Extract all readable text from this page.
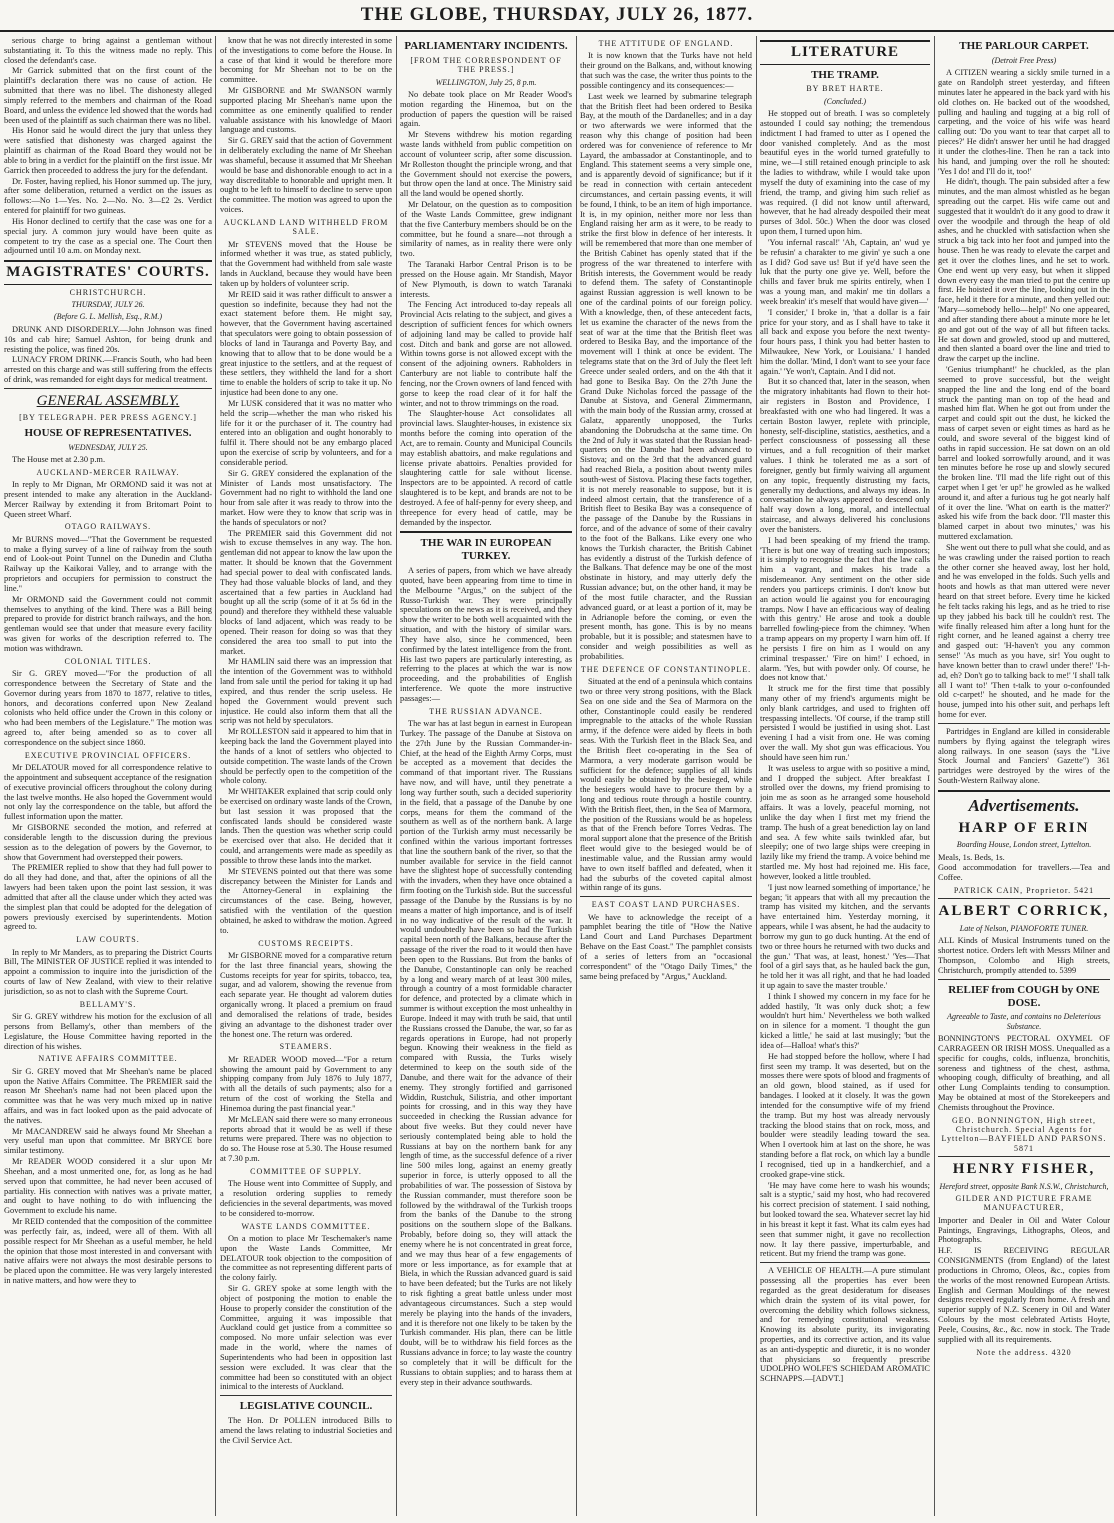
THE GLOBE, THURSDAY, JULY 26, 1877.

serious charge to bring against a gentleman without substantiating it. To this the witness made no reply. This closed the defendant's case.

Mr Garrick submitted that on the first count of the plaintiff's declaration there was no cause of action. He submitted that there was no libel. The dishonesty alleged simply referred to the members and chairman of the Road Board, and unless the evidence led showed that the words had been used of the plaintiff as such chairman there was no libel.

His Honor said he would direct the jury that unless they were satisfied that dishonesty was charged against the plaintiff as chairman of the Road Board they would not be able to bring in a verdict for the plaintiff on the first issue. Mr Garrick then proceeded to address the jury for the defendant.

Dr. Foster, having replied, his Honor summed up. The jury, after some deliberation, returned a verdict on the issues as follows:—No 1—Yes. No. 2—No. No. 3—£2 2s. Verdict entered for plaintiff for two guineas.

His Honor declined to certify that the case was one for a special jury. A common jury would have been quite as competent to try the case as a special one. The Court then adjourned until 10 a.m. on Monday next.

MAGISTRATES' COURTS.
CHRISTCHURCH.
THURSDAY, JULY 26.
(Before G. L. Mellish, Esq., R.M.)

DRUNK AND DISORDERLY.—John Johnson was fined 10s and cab hire; Samuel Ashton, for being drunk and resisting the police, was fined 20s.

LUNACY FROM DRINK.—Francis South, who had been arrested on this charge and was still suffering from the effects of drink, was remanded for eight days for medical treatment.

GENERAL ASSEMBLY.
[BY TELEGRAPH. PER PRESS AGENCY.]
HOUSE OF REPRESENTATIVES.
WEDNESDAY, JULY 25.

The House met at 2.30 p.m.

AUCKLAND-MERCER RAILWAY.

In reply to Mr Dignan, Mr ORMOND said it was not at present intended to make any alteration in the Auckland-Mercer Railway by extending it from Britomart Point to Queen street Wharf.

OTAGO RAILWAYS.

Mr BURNS moved—"That the Government be requested to make a flying survey of a line of railway from the south end of Look-out Point Tunnel on the Dunedin and Clutha Railway up the Kaikorai Valley, and to arrange with the proprietors and occupiers for permission to construct the line."

Mr ORMOND said the Government could not commit themselves to anything of the kind. There was a Bill being prepared to provide for district branch railways, and the hon. gentleman would see that under that measure every facility was given for works of the description referred to. The motion was withdrawn.

COLONIAL TITLES.

Sir G. GREY moved—"For the production of all correspondence between the Secretary of State and the Governor during years from 1870 to 1877, relative to titles, honors, and decorations conferred upon New Zealand colonists who held office under the Crown in this colony or who had been members of the Legislature." The motion was agreed to, after being amended so as to cover all correspondence on the subject since 1860.

EXECUTIVE PROVINCIAL OFFICERS.

Mr DELATOUR moved for all correspondence relative to the appointment and subsequent acceptance of the resignation of executive provincial officers throughout the colony during the last twelve months. He also hoped the Government would not only lay the correspondence on the table, but afford the fullest information upon the matter.

Mr GISBORNE seconded the motion, and referred at considerable length to the discussion during the previous session as to the delegation of powers by the Governor, to show that Government had overstepped their powers.

The PREMIER replied to show that they had full power to do all they had done, and that, after the opinions of all the lawyers had been taken upon the point last session, it was admitted that after all the clause under which they acted was the simplest plan that could be adopted for the delegation of powers previously exercised by superintendents. Motion agreed to.

LAW COURTS.

In reply to Mr Manders, as to preparing the District Courts Bill, The MINISTER OF JUSTICE replied it was intended to appoint a commission to inquire into the jurisdiction of the courts of law of New Zealand, with view to their relative jurisdiction, so as not to clash with the Supreme Court.

BELLAMY'S.

Sir G. GREY withdrew his motion for the exclusion of all persons from Bellamy's, other than members of the Legislature, the House Committee having reported in the direction of his wishes.

NATIVE AFFAIRS COMMITTEE.

Sir G. GREY moved that Mr Sheehan's name be placed upon the Native Affairs Committee. The PREMIER said the reason Mr Sheehan's name had not been placed upon the committee was that he was very much mixed up in native affairs, and was in fact looked upon as the paid advocate of the natives.

Mr MACANDREW said he always found Mr Sheehan a very useful man upon that committee. Mr BRYCE bore similar testimony.

Mr READER WOOD considered it a slur upon Mr Sheehan, and a most unmerited one, for, as long as he had served upon that committee, he had never been accused of partiality. His connection with natives was a private matter, and ought to have nothing to do with influencing the Government to exclude his name.

Mr REID contended that the composition of the committee was perfectly fair, as, indeed, were all of them. With all possible respect for Mr Sheehan as a useful member, he held the opinion that those most interested in and conversant with native affairs were not always the most desirable persons to be placed upon the committee. He was very largely interested in native matters, and how were they to

know that he was not directly interested in some of the investigations to come before the House. In a case of that kind it would be therefore more becoming for Mr Sheehan not to be on the committee.

Mr GISBORNE and Mr SWANSON warmly supported placing Mr Sheehan's name upon the committee as one eminently qualified to render valuable assistance with his knowledge of Maori language and customs.

Sir G. GREY said that the action of Government in deliberately excluding the name of Mr Sheehan was shameful, because it assumed that Mr Sheehan would be base and dishonorable enough to act in a way discreditable to honorable and upright men. It ought to be left to himself to decline to serve upon the committee. The motion was agreed to upon the voices.

AUCKLAND LAND WITHHELD FROM SALE.

Mr STEVENS moved that the House be informed whether it was true, as stated publicly, that the Government had withheld from sale waste lands in Auckland, because they would have been taken up by holders of volunteer scrip.

Mr REID said it was rather difficult to answer a question so indefinite, because they had not the exact statement before them. He might say, however, that the Government having ascertained that speculators were going to obtain possession of blocks of land in Tauranga and Poverty Bay, and knowing that to allow that to be done would be a great injustice to the settlers, and at the request of these settlers, they withheld the land for a short time to enable the holders of scrip to take it up. No injustice had been done to any one.

Mr LUSK considered that it was no matter who held the scrip—whether the man who risked his life for it or the purchaser of it. The country had entered into an obligation and ought honorably to fulfil it. There should not be any embargo placed upon the exercise of scrip by volunteers, and for a considerable period.

Sir G. GREY considered the explanation of the Minister of Lands most unsatisfactory. The Government had no right to withhold the land one hour from sale after it was ready to throw into the market. How were they to know that scrip was in the hands of speculators or not?

The PREMIER said this Government did not wish to excuse themselves in any way. The hon. gentleman did not appear to know the law upon the matter. It should be known that the Government had special power to deal with confiscated lands. They had those valuable blocks of land, and they ascertained that a few parties in Auckland had bought up all the scrip (some of it at 5s 6d in the pound) and therefore they withheld these valuable blocks of land adjacent, which was ready to be opened. Their reason for doing so was that they considered the area too small to put into the market.

Mr HAMLIN said there was an impression that the intention of the Government was to withhold land from sale until the period for taking it up had expired, and thus render the scrip useless. He hoped the Government would prevent such injustice. He could also inform them that all the scrip was not held by speculators.

Mr ROLLESTON said it appeared to him that in keeping back the land the Government played into the hands of a knot of settlers who objected to outside competition. The waste lands of the Crown should be perfectly open to the competition of the whole colony.

Mr WHITAKER explained that scrip could only be exercised on ordinary waste lands of the Crown, but last session it was proposed that the confiscated lands should be considered waste lands. Then the question was whether scrip could be exercised over that also. He decided that it could, and arrangements were made as speedily as possible to throw these lands into the market.

Mr STEVENS pointed out that there was some discrepancy between the Minister for Lands and the Attorney-General in explaining the circumstances of the case. Being, however, satisfied with the ventilation of the question obtained, he asked to withdraw the motion. Agreed to.

CUSTOMS RECEIPTS.

Mr GISBORNE moved for a comparative return for the last three financial years, showing the Customs receipts for year for spirits, tobacco, tea, sugar, and ad valorem, showing the revenue from each separate year. He thought ad valorem duties organically wrong. It placed a premium on fraud and demoralised the relations of trade, besides giving an advantage to the dishonest trader over the honest one. The return was ordered.

STEAMERS.

Mr READER WOOD moved—"For a return showing the amount paid by Government to any shipping company from July 1876 to July 1877, with all the details of such payments; also for a return of the cost of working the Stella and Hinemoa during the past financial year."

Mr McLEAN said there were so many erroneous reports abroad that it would be as well if these returns were prepared. There was no objection to do so. The House rose at 5.30. The House resumed at 7.30 p.m.

COMMITTEE OF SUPPLY.

The House went into Committee of Supply, and a resolution ordering supplies to remedy deficiencies in the several departments, was moved to be considered to-morrow.

WASTE LANDS COMMITTEE.

On a motion to place Mr Teschemaker's name upon the Waste Lands Committee, Mr DELATOUR took objection to the composition of the committee as not representing different parts of the colony fairly.

Sir G. GREY spoke at some length with the object of postponing the motion to enable the House to properly consider the constitution of the Committee, arguing it was impossible that Auckland could get justice from a committee so composed. No more unfair selection was ever made in the world, where the names of Superintendents who had been in opposition last session were excluded. It was clear that the committee had been so constituted with an object inimical to the interests of Auckland.

LEGISLATIVE COUNCIL.

The Hon. Dr POLLEN introduced Bills to amend the laws relating to industrial Societies and the Civil Service Act.

PARLIAMENTARY INCIDENTS.
[FROM THE CORRESPONDENT OF THE PRESS.]
WELLINGTON, July 25, 8 p.m.

No debate took place on Mr Reader Wood's motion regarding the Hinemoa, but on the production of papers the question will be raised again.

Mr Stevens withdrew his motion regarding waste lands withheld from public competition on account of volunteer scrip, after some discussion. Mr Rolleston thought the principle wrong, and that the Government should not exercise the powers, but throw open the land at once. The Ministry said all the land would be opened shortly.

Mr Delatour, on the question as to composition of the Waste Lands Committee, grew indignant that the five Canterbury members should be on the committee, but he found a snare—not through a similarity of names, as in reality there were only two.

The Taranaki Harbor Central Prison is to be pressed on the House again. Mr Standish, Mayor of New Plymouth, is down to watch Taranaki interests.

The Fencing Act introduced to-day repeals all Provincial Acts relating to the subject, and gives a description of sufficient fences for which owners of adjoining land may be called to provide half cost. Ditch and bank and gorse are not allowed. Within towns gorse is not allowed except with the consent of the adjoining owners. Rabholders in Canterbury are not liable to contribute half the fencing, nor the Crown owners of land fenced with gorse to keep the road clear of it for half the winter, and not to throw trimmings on the road.

The Slaughter-house Act consolidates all provincial laws. Slaughter-houses, in existence six months before the coming into operation of the Act, are to remain. County and Municipal Councils may establish abattoirs, and make regulations and license private abattoirs. Penalties provided for slaughtering cattle for sale without license. Inspectors are to be appointed. A record of cattle slaughtered is to be kept, and brands are not to be destroyed. A fee of half-penny for every sheep, and threepence for every head of cattle, may be demanded by the inspector.

THE WAR IN EUROPEAN TURKEY.

A series of papers, from which we have already quoted, have been appearing from time to time in the Melbourne "Argus," on the subject of the Russo-Turkish war. They were principally speculations on the news as it is received, and they show the writer to be both well acquainted with the situation, and with the history of similar wars. They have also, since he commenced, been confirmed by the latest intelligence from the front. His last two papers are particularly interesting, as referring to the places at which the war is now proceeding, and the probabilities of English interference. We quote the more instructive passages:—

THE RUSSIAN ADVANCE.

The war has at last begun in earnest in European Turkey. The passage of the Danube at Sistova on the 27th June by the Russian Commander-in-Chief, at the head of the Eighth Army Corps, must be accepted as a movement that decides the command of that important river. The Russians have now, and will have, until they penetrate a long way further south, such a decided superiority in the field, that a passage of the Danube by one corps, means for them the command of the southern as well as of the northern bank. A large portion of the Turkish army must necessarily be confined within the various important fortresses that line the southern bank of the river, so that the number available for service in the field cannot have the slightest hope of successfully contending with the invaders, when they have once obtained a firm footing on the Turkish side. But the successful passage of the Danube by the Russians is by no means a matter of high importance, and is of itself in no way indicative of the result of the war. It would undoubtedly have been so had the Turkish capital been north of the Balkans, because after the passage of the river the road to it would then have been open to the Russians. But from the banks of the Danube, Constantinople can only be reached by a long and weary march of at least 300 miles, through a country of a most formidable character for defence, and protected by a climate which in summer is without exception the most unhealthy in Europe. Indeed it may with truth be said, that until the Russians crossed the Danube, the war, so far as regards operations in Europe, had not properly begun. Knowing their weakness in the field as compared with Russia, the Turks wisely determined to keep on the south side of the Danube, and there wait for the advance of their enemy. They strongly fortified and garrisoned Widdin, Rustchuk, Silistria, and other important points for crossing, and in this way they have succeeded in checking the Russian advance for about five weeks. But they could never have seriously contemplated being able to hold the Russians at bay on the northern bank for any length of time, as the successful defence of a river line 500 miles long, against an enemy greatly superior in force, is utterly opposed to all the probabilities of war. The possession of Sistova by the Russian commander, must therefore soon be followed by the withdrawal of the Turkish troops from the banks of the Danube to the strong positions on the southern slope of the Balkans. Probably, before doing so, they will attack the enemy where he is not concentrated in great force, and we may thus hear of a few engagements of more or less importance, as for example that at Biela, in which the Russian advanced guard is said to have been defeated; but the Turks are not likely to risk fighting a great battle unless under most advantageous circumstances. Such a step would merely be playing into the hands of the invaders, and it is therefore not one likely to be taken by the Turkish commander. His plan, there can be little doubt, will be to withdraw his field forces as the Russians advance in force; to lay waste the country so completely that it will be difficult for the Russians to obtain supplies; and to harass them at every step in their advance southwards.

THE ATTITUDE OF ENGLAND.

It is now known that the Turks have not held their ground on the Balkans, and, without knowing that such was the case, the writer thus points to the possible contingency and its consequences:—

Last week we learned by submarine telegraph that the British fleet had been ordered to Besika Bay, at the mouth of the Dardanelles; and in a day or two afterwards we were informed that the reason why this change of position had been ordered was for convenience of reference to Mr Layard, the ambassador at Constantinople, and to England. This statement seems a very simple one, and is apparently devoid of significance; but if it be read in connection with certain antecedent circumstances, and certain passing events, it will be found, I think, to be an item of high importance. It is, in my opinion, neither more nor less than England raising her arm as it were, to be ready to strike the first blow in defence of her interests. It will be remembered that more than one member of the British Cabinet has openly stated that if the progress of the war threatened to interfere with British interests, the Government would be ready to defend them. The safety of Constantinople against Russian aggression is well known to be one of the cardinal points of our foreign policy. With a knowledge, then, of these antecedent facts, let us examine the character of the news from the seat of war at the time that the British fleet was ordered to Besika Bay, and the importance of the movement will I think at once be evident. The telegrams state that on the 3rd of July the fleet left Greece under sealed orders, and on the 4th that it had gone to Besika Bay. On the 27th June the Grand Duke Nicholas forced the passage of the Danube at Sistova, and General Zimmermann, with the main body of the Russian army, crossed at Galatz, apparently unopposed, the Turks abandoning the Dobrudscha at the same time. On the 2nd of July it was stated that the Russian head-quarters on the Danube had been advanced to Sistova; and on the 3rd that the advanced guard had reached Biela, a position about twenty miles south-west of Sistova. Placing these facts together, it is not merely reasonable to suppose, but it is indeed almost certain, that the transference of a British fleet to Besika Bay was a consequence of the passage of the Danube by the Russians in force, and of the advance of some of their cavalry to the foot of the Balkans. Like every one who knows the Turkish character, the British Cabinet has evidently a distrust of the Turkish defence of the Balkans. That defence may be one of the most obstinate in history, and may utterly defy the Russian advance; but, on the other hand, it may be of the most futile character, and the Russian advanced guard, or at least a portion of it, may be in Adrianople before the coming, or even the present month, has gone. This is by no means probable, but it is possible; and statesmen have to consider and weigh possibilities as well as probabilities.

THE DEFENCE OF CONSTANTINOPLE.

Situated at the end of a peninsula which contains two or three very strong positions, with the Black Sea on one side and the Sea of Marmora on the other, Constantinople could easily be rendered impregnable to the attacks of the whole Russian army, if the defence were aided by fleets in both seas. With the Turkish fleet in the Black Sea, and the British fleet co-operating in the Sea of Marmora, a very moderate garrison would be sufficient for the defence; supplies of all kinds would easily be obtained by the besieged, while the besiegers would have to procure them by a long and tedious route through a hostile country. With the British fleet, then, in the Sea of Marmora, the position of the Russians would be as hopeless as that of the French before Torres Vedras. The moral support alone that the presence of the British fleet would give to the besieged would be of inestimable value, and the Russian army would have to own itself baffled and defeated, when it had the suburbs of the coveted capital almost within range of its guns.

EAST COAST LAND PURCHASES.

We have to acknowledge the receipt of a pamphlet bearing the title of "How the Native Land Court and Land Purchases Department Behave on the East Coast." The pamphlet consists of a series of letters from an "occasional correspondent" of the "Otago Daily Times," the same being prefaced by "Argus," Auckland.

LITERATURE
THE TRAMP.
BY BRET HARTE.
(Concluded.)

He stopped out of breath. I was so completely astounded I could say nothing; the tremendous indictment I had framed to utter as I opened the door vanished completely. And as the most beautiful eyes in the world turned gratefully to mine, we—I still retained enough principle to ask the ladies to withdraw, while I would take upon myself the duty of examining into the case of my friend, the tramp, and giving him such relief as was required. (I did not know until afterward, however, that he had already despoiled their meat purses of 3dol. 50c.) When the door was closed upon them, I turned upon him.

'You infernal rascal!' 'Ah, Captain, an' wud ye be refusin' a charakter to me givin' ye such a one as I did? God save us! But if ye'd have seen the luk that the purty one give ye. Well, before the chills and faver bruk me spirits entirely, when I was a young man, and makin' me tin dollars a week breakin' it's meself that would have given—'

'I consider,' I broke in, 'that a dollar is a fair price for your story, and as I shall have to take it all back and expose you before the next twenty-four hours pass, I think you had better hasten to Milwaukee, New York, or Louisiana.' I handed him the dollar. 'Mind, I don't want to see your face again.' 'Ye won't, Captain. And I did not.

But it so chanced that, later in the season, when the migratory inhabitants had flown to their hot-air registers in Boston and Providence, I breakfasted with one who had lingered. It was a certain Boston lawyer, replete with principle, honesty, self-discipline, statistics, aesthetics, and a perfect consciousness of possessing all these virtues, and a full recognition of their market values. I think he tolerated me as a sort of foreigner, gently but firmly waiving all argument on any topic, frequently distrusting my facts, generally my deductions, and always my ideas. In conversation he always appeared to descend only half way down a long, moral, and intellectual staircase, and always delivered his conclusions over the banisters.

I had been speaking of my friend the tramp. 'There is but one way of treating such impostors; it is simply to recognise the fact that the law calls him a vagrant, and makes his trade a misdemeanor. Any sentiment on the other side renders you particeps criminis. I don't know but an action would lie against you for encouraging tramps. Now I have an efficacious way of dealing with this gentry.' He arose and took a double barrelled fowling-piece from the chimney. 'When a tramp appears on my property I warn him off. If he persists I fire on him as I would on any criminal trespasser.' 'Fire on him!' I echoed, in alarm. 'Yes, but with powder only. Of course, he does not know that.'

It struck me for the first time that possibly many other of my friend's arguments might be only blank cartridges, and used to frighten off trespassing intellects. 'Of course, if the tramp still persisted I would be justified in using shot. Last evening I had a visit from one. He was coming over the wall. My shot gun was efficacious. You should have seen him run.'

It was useless to argue with so positive a mind, and I dropped the subject. After breakfast I strolled over the downs, my friend promising to join me as soon as he arranged some household affairs. It was a lovely, peaceful morning, not unlike the day when I first met my friend the tramp. The hush of a great benediction lay on land and sea. A few white sails twinkled afar, but sleepily; one of two large ships were creeping in lazily like my friend the tramp. A voice behind me startled me. My host had rejoined me. His face, however, looked a little troubled.

'I just now learned something of importance,' he began; 'it appears that with all my precaution the tramp has visited my kitchen, and the servants have entertained him. Yesterday morning, it appears, while I was absent, he had the audacity to borrow my gun to go duck hunting. At the end of two or three hours he returned with two ducks and the gun.' 'That was, at least, honest.' 'Yes—That fool of a girl says that, as he hauled back the gun, he told her it was all right, and that he had loaded it up again to save the master trouble.'

I think I showed my concern in my face for he added hastily, 'It was only duck shot; a few wouldn't hurt him.' Nevertheless we both walked on in silence for a moment. 'I thought the gun kicked a little,' he said at last musingly; 'but the idea of—Halloa! what's this?'

He had stopped before the hollow, where I had first seen my tramp. It was deserted, but on the mosses there were spots of blood and fragments of an old gown, blood stained, as if used for bandages. I looked at it closely. It was the gown intended for the consumptive wife of my friend the tramp. But my host was already nervously tracking the blood stains that on rock, moss, and boulder were steadily leading toward the sea. When I overtook him at last on the shore, he was standing before a flat rock, on which lay a bundle I recognised, tied up in a handkerchief, and a crooked grape-vine stick.

'He may have come here to wash his wounds; salt is a styptic,' said my host, who had recovered his correct precision of statement. I said nothing, but looked toward the sea. Whatever secret lay hid in his breast it kept it fast. What its calm eyes had seen that summer night, it gave no recollection now. It lay there passive, imperturbable, and reticent. But my friend the tramp was gone.

A VEHICLE OF HEALTH.—A pure stimulant possessing all the properties has ever been regarded as the great desideratum for diseases which drain the system of its vital power, for overcoming the debility which follows sickness, and for remedying constitutional weakness. Knowing its absolute purity, its invigorating properties, and its corrective action, and its value as an anti-dyspeptic and diuretic, it is no wonder that physicians so frequently prescribe UDOLPHO WOLFE'S SCHIEDAM AROMATIC SCHNAPPS.—[ADVT.]

THE PARLOUR CARPET.
(Detroit Free Press)

A CITIZEN wearing a sickly smile turned in a gate on Randolph street yesterday, and fifteen minutes later he appeared in the back yard with his old clothes on. He backed out of the woodshed, pulling and hauling and tugging at a big roll of carpeting, and the voice of his wife was heard calling out: 'Do you want to tear that carpet all to pieces?' He didn't answer her until he had dragged it under the clothes-line. Then he ran a tack into his hand, and jumping over the roll he shouted: 'Yes I do! and I'll do it, too!'

He didn't, though. The pain subsided after a few minutes, and the man almost whistled as he began spreading out the carpet. His wife came out and suggested that it wouldn't do it any good to draw it over the woodpile and through the heap of old ashes, and he chuckled with satisfaction when she struck a big tack into her foot and jumped into the house. Then he was ready to elevate the carpet and get it over the clothes lines, and he set to work. One end went up very easy, but when it slipped down every easy the man tried to put the centre up first. He hoisted it over the line, looking out in the face, held it there for a minute, and then yelled out: 'Mary—somebody hello—help!' No one appeared, and after standing there about a minute more he let go and got out of the way of all but fifteen tacks. He sat down and growled, stood up and muttered, and then slanted a board over the line and tried to draw the carpet up the incline.

'Genius triumphant!' he chuckled, as the plan seemed to prove successful, but the weight snapped the line and the long end of the board struck the panting man on top of the head and mashed him flat. When he got out from under the carpet and could spit out the dust, he kicked the mass of carpet seven or eight times as hard as he could, and swore several of the biggest kind of oaths in rapid succession. He sat down on an old barrel and looked sorrowfully around, and it was ten minutes before he rose up and slowly secured the broken line. 'I'll mad the life right out of this carpet when I get 'er up!' he growled as he walked around it, and after a furious tug he got nearly half of it over the line. 'What on earth is the matter?' asked his wife from the back door. 'I'll master this blamed carpet in about two minutes,' was his muttered exclamation.

She went out there to pull what she could, and as he was crawling under the raised portion to reach the other corner she heaved away, lost her hold, and he was enveloped in the folds. Such yells and hoots and howls as that man uttered were never heard on that street before. Every time he kicked he felt tacks raking his legs, and as he tried to rise up they jabbed his back till he couldn't rest. The wife finally released him after a long hunt for the right corner, and he leaned against a cherry tree and gasped out: 'H-haven't you any common sense!' 'As much as you have, sir! You ought to have known better than to crawl under there!' 'I-h-ad, eh? Don't go to talking back to me!' 'I shall talk all I want to!' 'Then t-talk to your o-confounded old c-carpet!' he shouted, and he made for the house, jumped into his other suit, and perhaps left home for ever.

Partridges in England are killed in considerable numbers by flying against the telegraph wires along railways. In one season (says the "Live Stock Journal and Fanciers' Gazette") 361 partridges were destroyed by the wires of the South-Western Railway alone.

Advertisements.
HARP OF ERIN
Boarding House, London street, Lyttelton.

Meals, 1s. Beds, 1s.

Good accommodation for travellers.—Tea and Coffee.

PATRICK CAIN, Proprietor. 5421
ALBERT CORRICK,
Late of Nelson, PIANOFORTE TUNER.

ALL Kinds of Musical Instruments tuned on the shortest notice. Orders left with Messrs Milner and Thompson, Colombo and High streets, Christchurch, promptly attended to. 5399

RELIEF from COUGH by ONE DOSE.
Agreeable to Taste, and contains no Deleterious Substance.

BONNINGTON'S PECTORAL OXYMEL OF CARRAGEEN OR IRISH MOSS. Unequalled as a specific for coughs, colds, influenza, bronchitis, soreness and tightness of the chest, asthma, whooping cough, difficulty of breathing, and all other Lung Complaints tending to consumption. May be obtained at most of the Storekeepers and Chemists throughout the Province.

GEO. BONNINGTON, High street, Christchurch. Special Agents for Lyttelton—BAYFIELD AND PARSONS. 5871
HENRY FISHER,
Hereford street, opposite Bank N.S.W., Christchurch,
GILDER AND PICTURE FRAME MANUFACTURER,

Importer and Dealer in Oil and Water Colour Paintings, Engravings, Lithographs, Oleos, and Photographs.

H.F. IS RECEIVING REGULAR CONSIGNMENTS (from England) of the latest productions in Chromo, Oleos, &c., copies from the works of the most renowned European Artists. English and German Mouldings of the newest designs received regularly from home. A fresh and superior supply of N.Z. Scenery in Oil and Water Colours by the most celebrated Artists Hoyte, Peele, Cousins, &c., &c. now in stock. The Trade supplied with all its requirements.

Note the address. 4320
